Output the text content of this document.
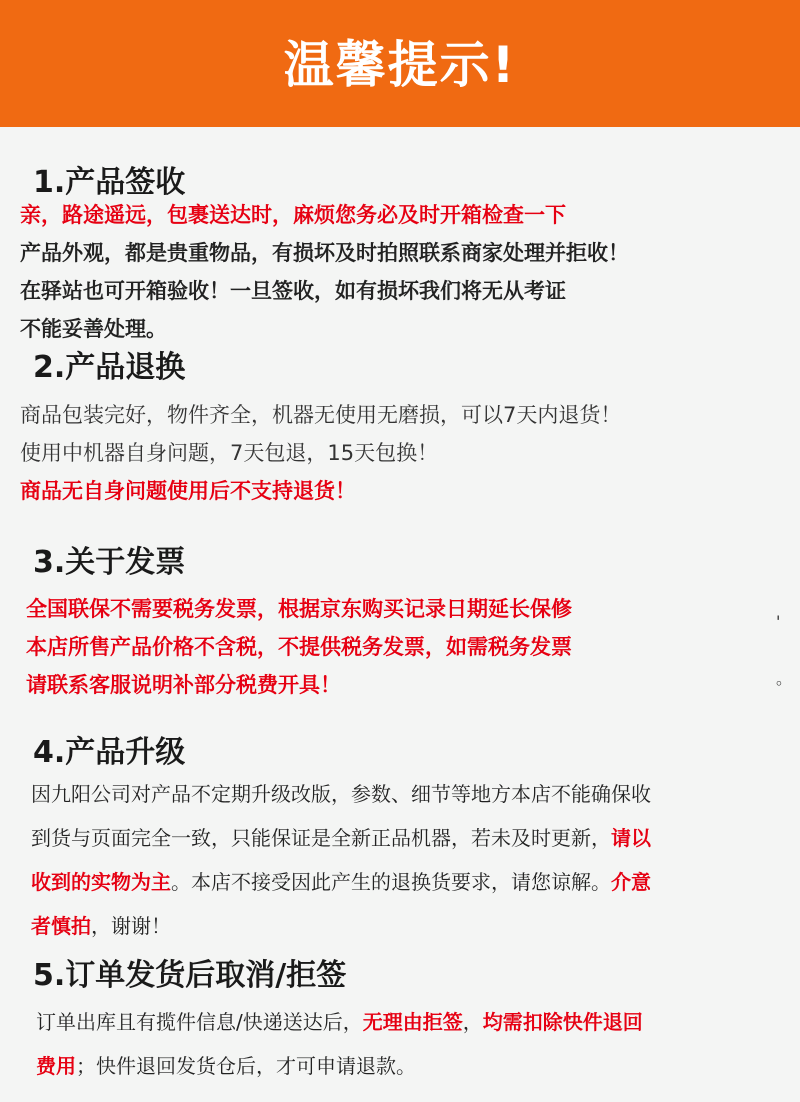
温馨提示!
1.产品签收
亲，路途遥远，包裹送达时，麻烦您务必及时开箱检查一下
产品外观，都是贵重物品，有损坏及时拍照联系商家处理并拒收！
在驿站也可开箱验收！一旦签收，如有损坏我们将无从考证
不能妥善处理。
2.产品退换
商品包装完好，物件齐全，机器无使用无磨损，可以7天内退货！
使用中机器自身问题，7天包退，15天包换！
商品无自身问题使用后不支持退货！
3.关于发票
全国联保不需要税务发票，根据京东购买记录日期延长保修
本店所售产品价格不含税，不提供税务发票，如需税务发票
请联系客服说明补部分税费开具！
'
。
4.产品升级
因九阳公司对产品不定期升级改版，参数、细节等地方本店不能确保收
到货与页面完全一致，只能保证是全新正品机器，若未及时更新，请以
收到的实物为主。本店不接受因此产生的退换货要求，请您谅解。介意
者慎拍，谢谢！
5.订单发货后取消/拒签
订单出库且有揽件信息/快递送达后，无理由拒签，均需扣除快件退回
费用；快件退回发货仓后，才可申请退款。
